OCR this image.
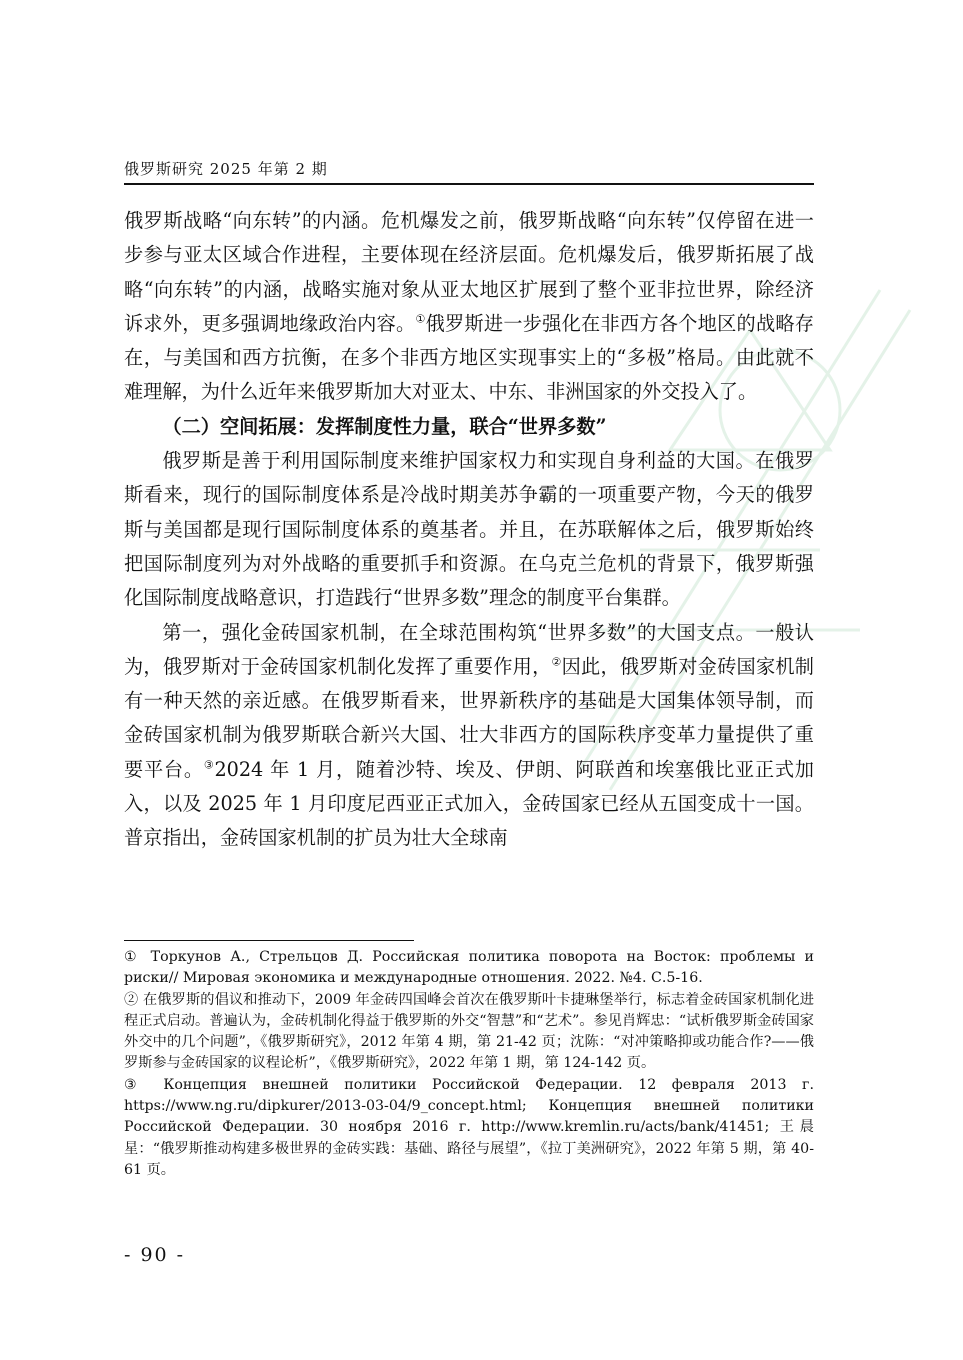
俄罗斯研究 2025 年第 2 期

俄罗斯战略“向东转”的内涵。危机爆发之前，俄罗斯战略“向东转”仅停留在进一步参与亚太区域合作进程，主要体现在经济层面。危机爆发后，俄罗斯拓展了战略“向东转”的内涵，战略实施对象从亚太地区扩展到了整个亚非拉世界，除经济诉求外，更多强调地缘政治内容。①俄罗斯进一步强化在非西方各个地区的战略存在，与美国和西方抗衡，在多个非西方地区实现事实上的“多极”格局。由此就不难理解，为什么近年来俄罗斯加大对亚太、中东、非洲国家的外交投入了。

（二）空间拓展：发挥制度性力量，联合“世界多数”

俄罗斯是善于利用国际制度来维护国家权力和实现自身利益的大国。在俄罗斯看来，现行的国际制度体系是冷战时期美苏争霸的一项重要产物，今天的俄罗斯与美国都是现行国际制度体系的奠基者。并且，在苏联解体之后，俄罗斯始终把国际制度列为对外战略的重要抓手和资源。在乌克兰危机的背景下，俄罗斯强化国际制度战略意识，打造践行“世界多数”理念的制度平台集群。

第一，强化金砖国家机制，在全球范围构筑“世界多数”的大国支点。一般认为，俄罗斯对于金砖国家机制化发挥了重要作用，②因此，俄罗斯对金砖国家机制有一种天然的亲近感。在俄罗斯看来，世界新秩序的基础是大国集体领导制，而金砖国家机制为俄罗斯联合新兴大国、壮大非西方的国际秩序变革力量提供了重要平台。③2024 年 1 月，随着沙特、埃及、伊朗、阿联酋和埃塞俄比亚正式加入，以及 2025 年 1 月印度尼西亚正式加入，金砖国家已经从五国变成十一国。普京指出，金砖国家机制的扩员为壮大全球南

① Торкунов А., Стрельцов Д. Российская политика поворота на Восток: проблемы и риски// Мировая экономика и международные отношения. 2022. №4. С.5-16.

② 在俄罗斯的倡议和推动下，2009 年金砖四国峰会首次在俄罗斯叶卡捷琳堡举行，标志着金砖国家机制化进程正式启动。普遍认为，金砖机制化得益于俄罗斯的外交“智慧”和“艺术”。参见肖辉忠：“试析俄罗斯金砖国家外交中的几个问题”，《俄罗斯研究》，2012 年第 4 期，第 21-42 页；沈陈：“对冲策略抑或功能合作?——俄罗斯参与金砖国家的议程论析”，《俄罗斯研究》，2022 年第 1 期，第 124-142 页。

③ Концепция внешней политики Российской Федерации. 12 февраля 2013 г. https://www.ng.ru/dipkurer/2013-03-04/9_concept.html; Концепция внешней политики Российской Федерации. 30 ноября 2016 г. http://www.kremlin.ru/acts/bank/41451; 王晨星：“俄罗斯推动构建多极世界的金砖实践：基础、路径与展望”，《拉丁美洲研究》，2022 年第 5 期，第 40-61 页。

- 90 -
